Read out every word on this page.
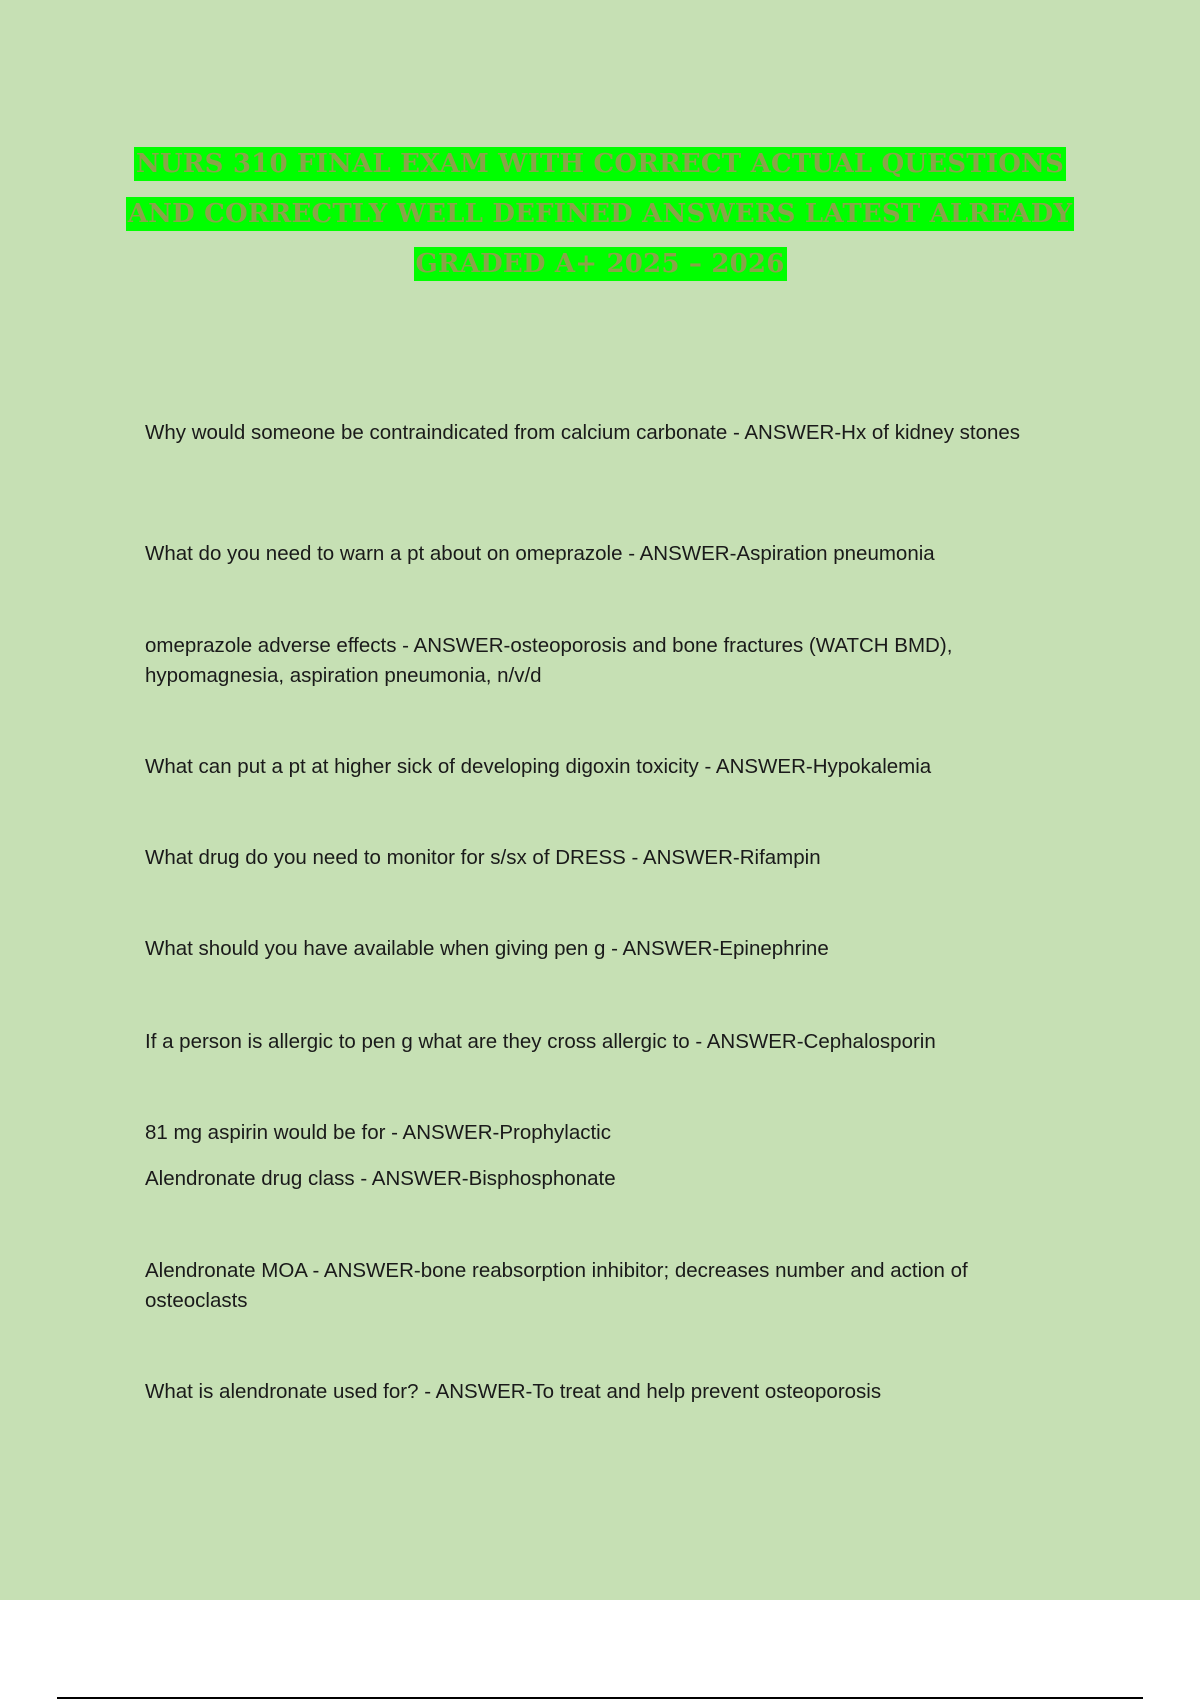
NURS 310 FINAL EXAM WITH CORRECT ACTUAL QUESTIONS
AND CORRECTLY WELL DEFINED ANSWERS LATEST ALREADY
GRADED A+ 2025 – 2026

Why would someone be contraindicated from calcium carbonate - ANSWER-Hx of kidney stones

What do you need to warn a pt about on omeprazole - ANSWER-Aspiration pneumonia

omeprazole adverse effects - ANSWER-osteoporosis and bone fractures (WATCH BMD), hypomagnesia, aspiration pneumonia, n/v/d

What can put a pt at higher sick of developing digoxin toxicity - ANSWER-Hypokalemia

What drug do you need to monitor for s/sx of DRESS - ANSWER-Rifampin

What should you have available when giving pen g - ANSWER-Epinephrine

If a person is allergic to pen g what are they cross allergic to - ANSWER-Cephalosporin

81 mg aspirin would be for - ANSWER-Prophylactic

Alendronate drug class - ANSWER-Bisphosphonate

Alendronate MOA - ANSWER-bone reabsorption inhibitor; decreases number and action of osteoclasts

What is alendronate used for? - ANSWER-To treat and help prevent osteoporosis
